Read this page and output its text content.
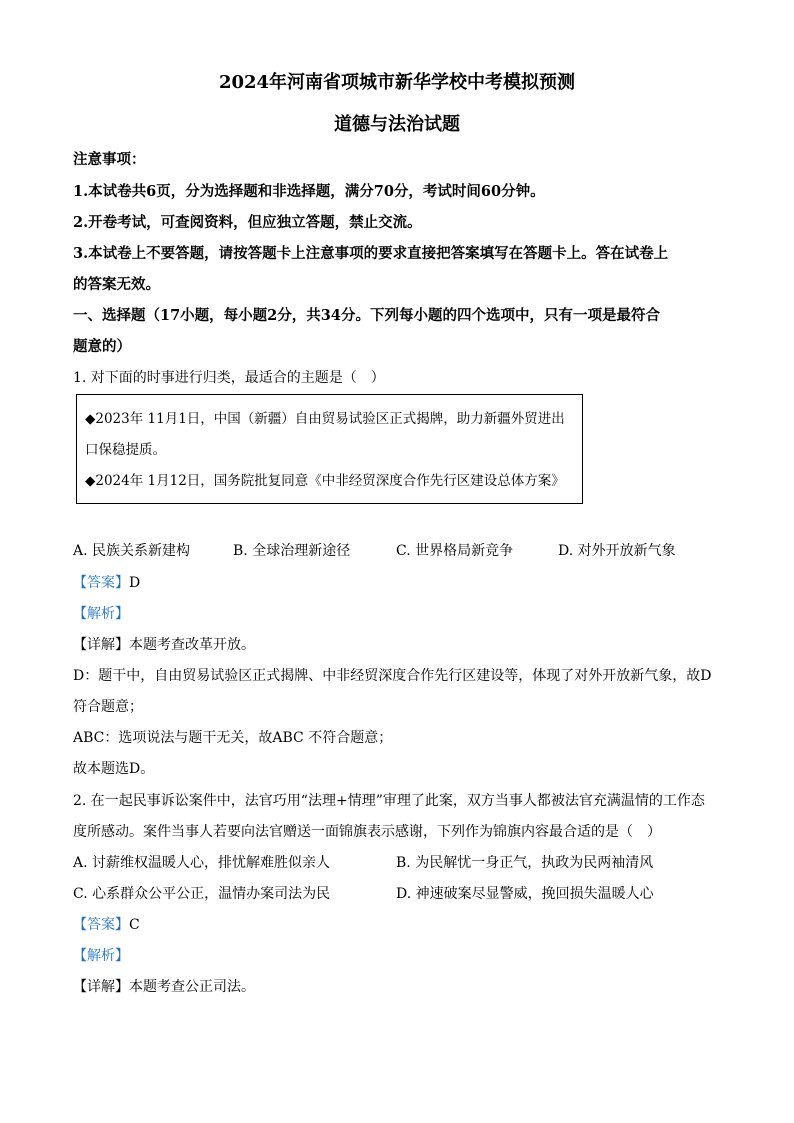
2024年河南省项城市新华学校中考模拟预测
道德与法治试题
注意事项：
1.本试卷共6页，分为选择题和非选择题，满分70分，考试时间60分钟。
2.开卷考试，可查阅资料，但应独立答题，禁止交流。
3.本试卷上不要答题，请按答题卡上注意事项的要求直接把答案填写在答题卡上。答在试卷上
的答案无效。
一、选择题（17小题，每小题2分，共34分。下列每小题的四个选项中，只有一项是最符合
题意的）
1. 对下面的时事进行归类，最适合的主题是（　）
◆2023年 11月1日，中国（新疆）自由贸易试验区正式揭牌，助力新疆外贸进出
口保稳提质。
◆2024年 1月12日，国务院批复同意《中非经贸深度合作先行区建设总体方案》
A. 民族关系新建构	B. 全球治理新途径	C. 世界格局新竞争	D. 对外开放新气象
【答案】D
【解析】
【详解】本题考查改革开放。
D：题干中，自由贸易试验区正式揭牌、中非经贸深度合作先行区建设等，体现了对外开放新气象，故D
符合题意；
ABC：选项说法与题干无关，故ABC 不符合题意；
故本题选D。
2. 在一起民事诉讼案件中，法官巧用“法理+情理”审理了此案，双方当事人都被法官充满温情的工作态
度所感动。案件当事人若要向法官赠送一面锦旗表示感谢，下列作为锦旗内容最合适的是（　）
A. 讨薪维权温暖人心，排忧解难胜似亲人	B. 为民解忧一身正气，执政为民两袖清风
C. 心系群众公平公正，温情办案司法为民	D. 神速破案尽显警威，挽回损失温暖人心
【答案】C
【解析】
【详解】本题考查公正司法。
